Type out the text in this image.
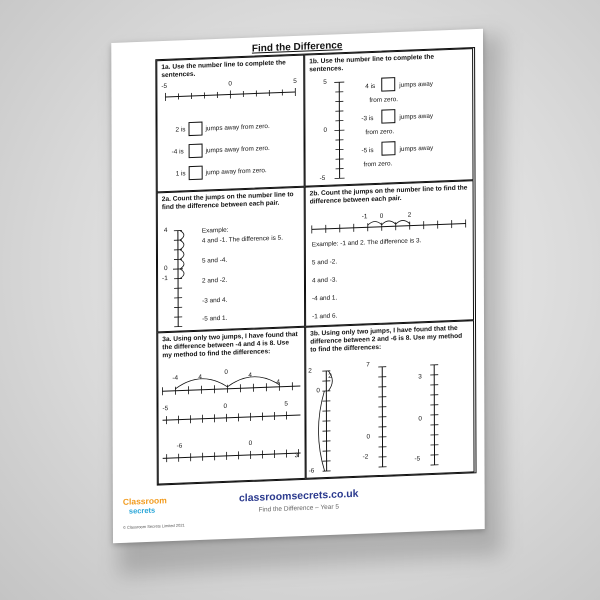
Find the Difference
1a. Use the number line to complete the sentences.
-5	0	5
2 is	jumps away from zero.
-4 is	jumps away from zero.
1 is	jump away from zero.
1b. Use the number line to complete the sentences.
5
0
-5
4 is	jumps away
from zero.
-3 is	jumps away
from zero.
-5 is	jumps away
from zero.
2a. Count the jumps on the number line to find the difference between each pair.
4
0
-1
Example:
4 and -1. The difference is 5.
5 and -4.
2 and -2.
-3 and 4.
-5 and 1.
2b. Count the jumps on the number line to find the difference between each pair.
-1 0	2
Example: -1 and 2. The difference is 3.
5 and -2.
4 and -3.
-4 and 1.
-1 and 6.
3a. Using only two jumps, I have found that the difference between -4 and 4 is 8. Use my method to find the differences:
-4
0
4	4
4
-5	0	5
-6	0
3
3b. Using only two jumps, I have found that the difference between 2 and -6 is 8. Use my method to find the differences:
2
2
0
-6
7
0
-2
3
0
-5
Classroom
secrets
© Classroom Secrets Limited 2021
classroomsecrets.co.uk
Find the Difference – Year 5
